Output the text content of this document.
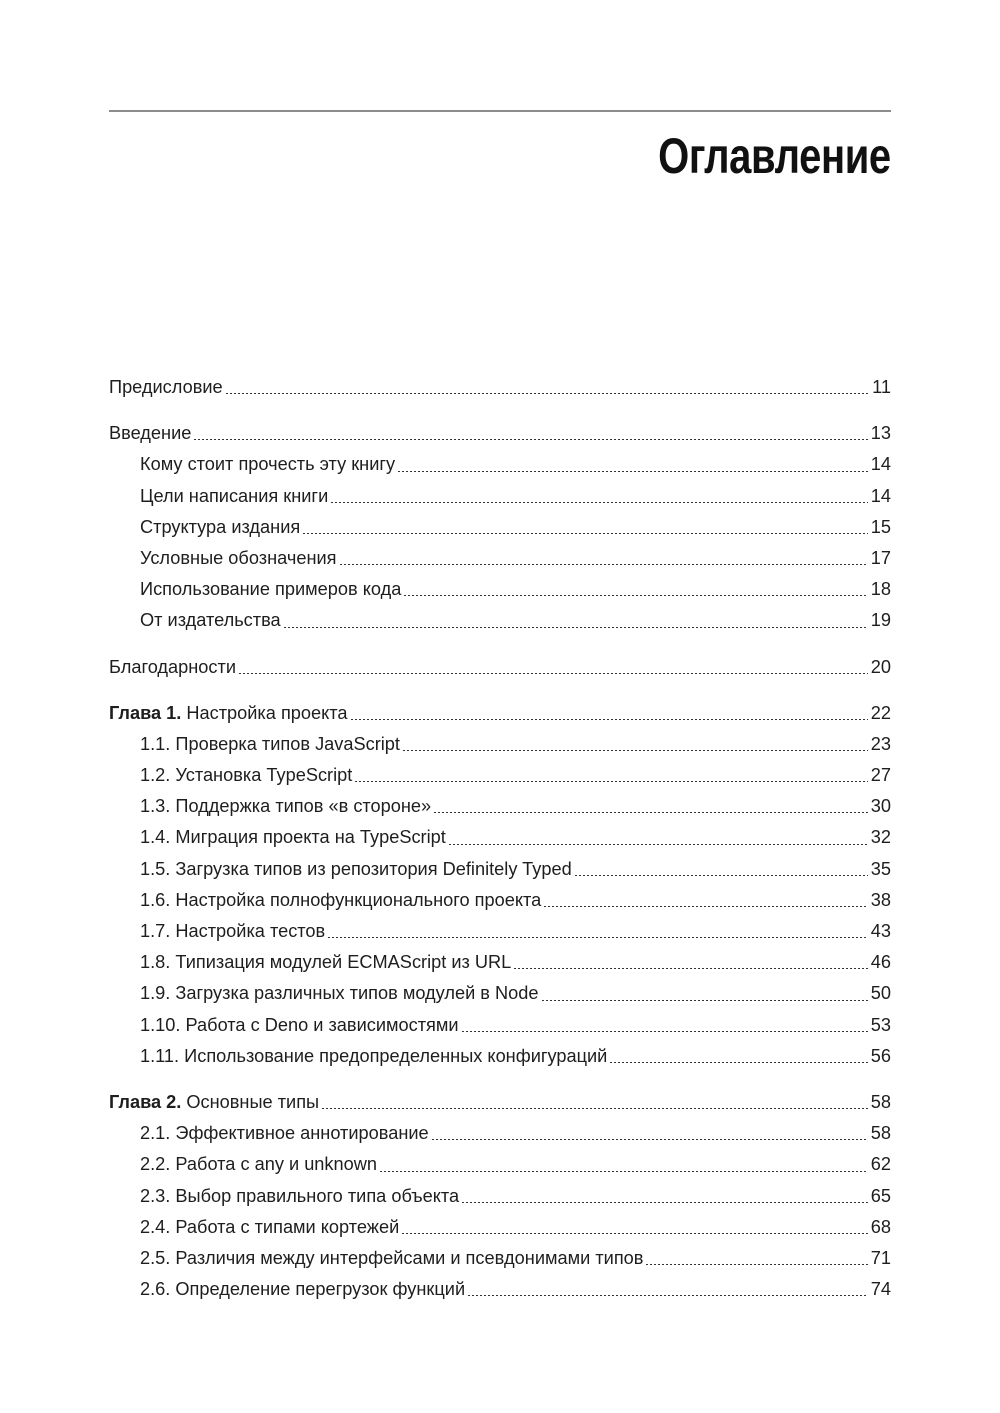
Оглавление
Предисловие	11
Введение	13
Кому стоит прочесть эту книгу	14
Цели написания книги	14
Структура издания	15
Условные обозначения	17
Использование примеров кода	18
От издательства	19
Благодарности	20
Глава 1. Настройка проекта	22
1.1. Проверка типов JavaScript	23
1.2. Установка TypeScript	27
1.3. Поддержка типов «в стороне»	30
1.4. Миграция проекта на TypeScript	32
1.5. Загрузка типов из репозитория Definitely Typed	35
1.6. Настройка полнофункционального проекта	38
1.7. Настройка тестов	43
1.8. Типизация модулей ECMAScript из URL	46
1.9. Загрузка различных типов модулей в Node	50
1.10. Работа с Deno и зависимостями	53
1.11. Использование предопределенных конфигураций	56
Глава 2. Основные типы	58
2.1. Эффективное аннотирование	58
2.2. Работа с any и unknown	62
2.3. Выбор правильного типа объекта	65
2.4. Работа с типами кортежей	68
2.5. Различия между интерфейсами и псевдонимами типов	71
2.6. Определение перегрузок функций	74
